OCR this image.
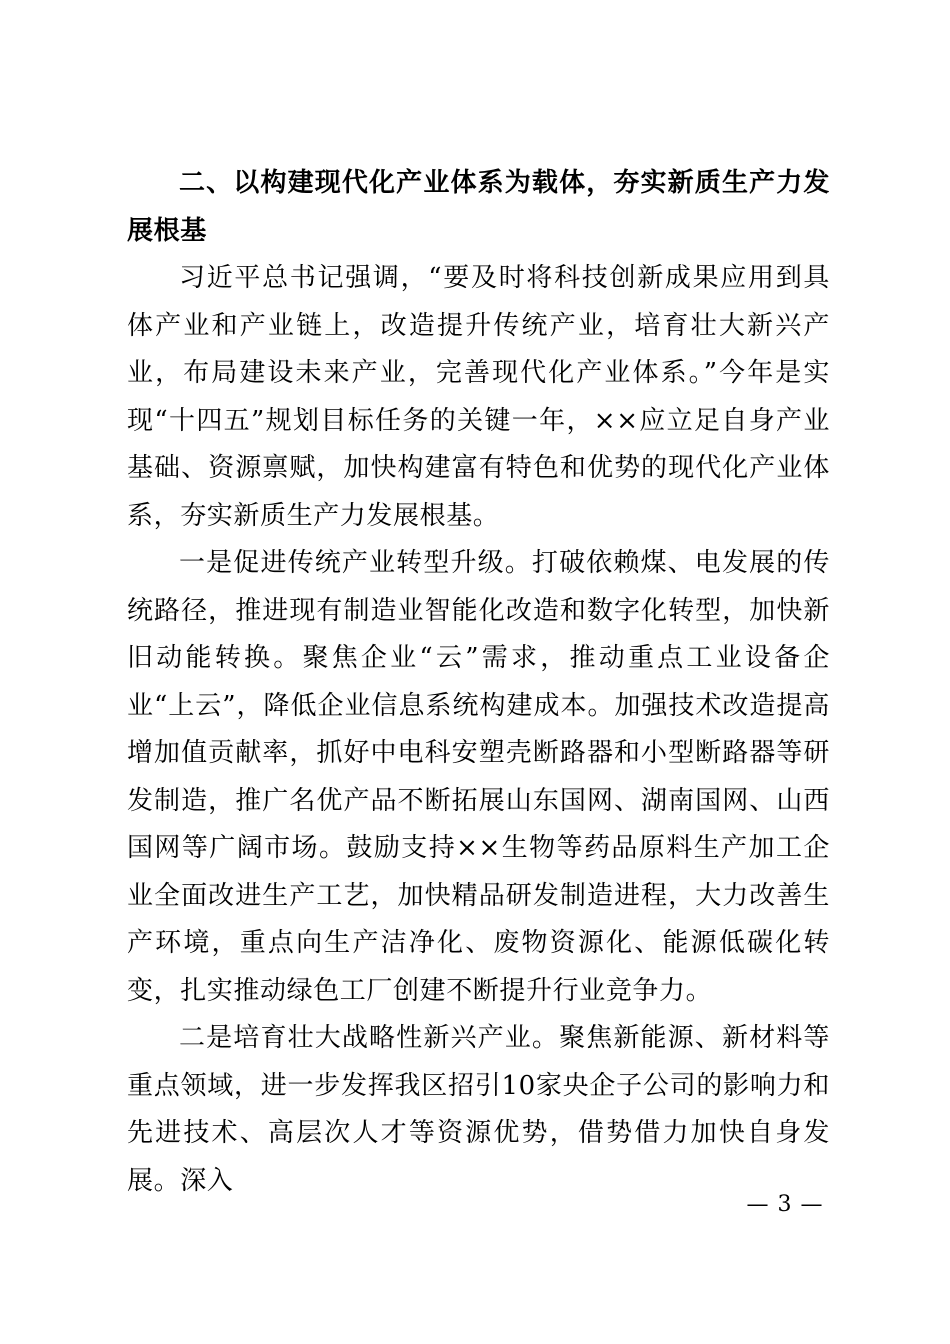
二、以构建现代化产业体系为载体，夯实新质生产力发展根基

习近平总书记强调，“要及时将科技创新成果应用到具体产业和产业链上，改造提升传统产业，培育壮大新兴产业，布局建设未来产业，完善现代化产业体系。”今年是实现“十四五”规划目标任务的关键一年，××应立足自身产业基础、资源禀赋，加快构建富有特色和优势的现代化产业体系，夯实新质生产力发展根基。

一是促进传统产业转型升级。打破依赖煤、电发展的传统路径，推进现有制造业智能化改造和数字化转型，加快新旧动能转换。聚焦企业“云”需求，推动重点工业设备企业“上云”，降低企业信息系统构建成本。加强技术改造提高增加值贡献率，抓好中电科安塑壳断路器和小型断路器等研发制造，推广名优产品不断拓展山东国网、湖南国网、山西国网等广阔市场。鼓励支持××生物等药品原料生产加工企业全面改进生产工艺，加快精品研发制造进程，大力改善生产环境，重点向生产洁净化、废物资源化、能源低碳化转变，扎实推动绿色工厂创建不断提升行业竞争力。

二是培育壮大战略性新兴产业。聚焦新能源、新材料等重点领域，进一步发挥我区招引10家央企子公司的影响力和先进技术、高层次人才等资源优势，借势借力加快自身发展。深入

— 3 —
